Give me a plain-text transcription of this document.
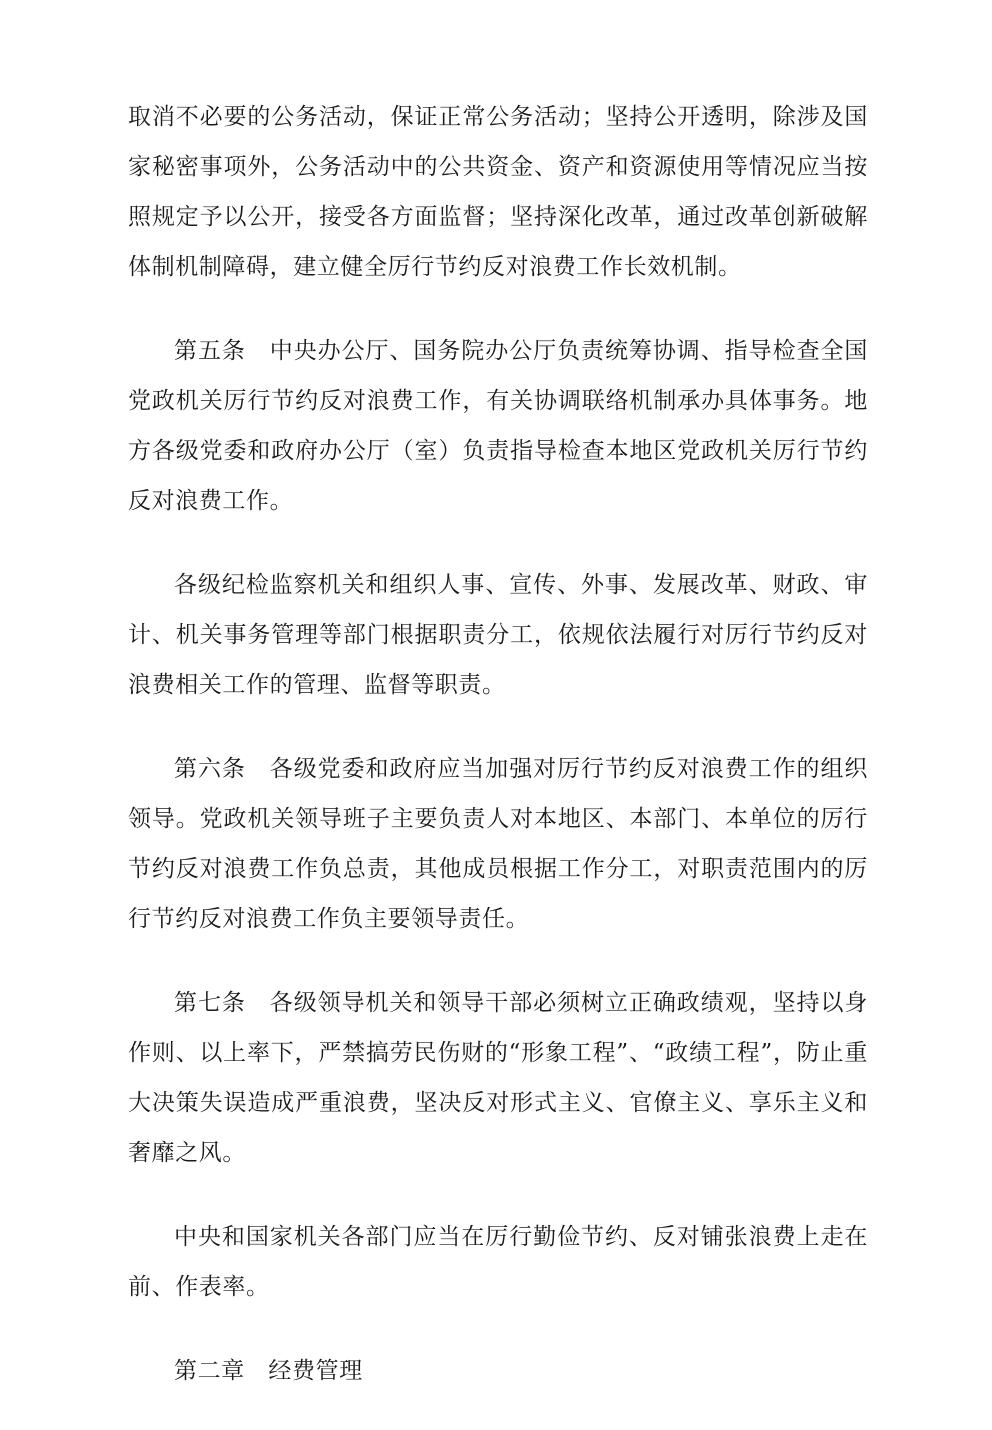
取消不必要的公务活动，保证正常公务活动；坚持公开透明，除涉及国家秘密事项外，公务活动中的公共资金、资产和资源使用等情况应当按照规定予以公开，接受各方面监督；坚持深化改革，通过改革创新破解体制机制障碍，建立健全厉行节约反对浪费工作长效机制。

第五条　中央办公厅、国务院办公厅负责统筹协调、指导检查全国党政机关厉行节约反对浪费工作，有关协调联络机制承办具体事务。地方各级党委和政府办公厅（室）负责指导检查本地区党政机关厉行节约反对浪费工作。

各级纪检监察机关和组织人事、宣传、外事、发展改革、财政、审计、机关事务管理等部门根据职责分工，依规依法履行对厉行节约反对浪费相关工作的管理、监督等职责。

第六条　各级党委和政府应当加强对厉行节约反对浪费工作的组织领导。党政机关领导班子主要负责人对本地区、本部门、本单位的厉行节约反对浪费工作负总责，其他成员根据工作分工，对职责范围内的厉行节约反对浪费工作负主要领导责任。

第七条　各级领导机关和领导干部必须树立正确政绩观，坚持以身作则、以上率下，严禁搞劳民伤财的“形象工程”、“政绩工程”，防止重大决策失误造成严重浪费，坚决反对形式主义、官僚主义、享乐主义和奢靡之风。

中央和国家机关各部门应当在厉行勤俭节约、反对铺张浪费上走在前、作表率。

第二章　经费管理
